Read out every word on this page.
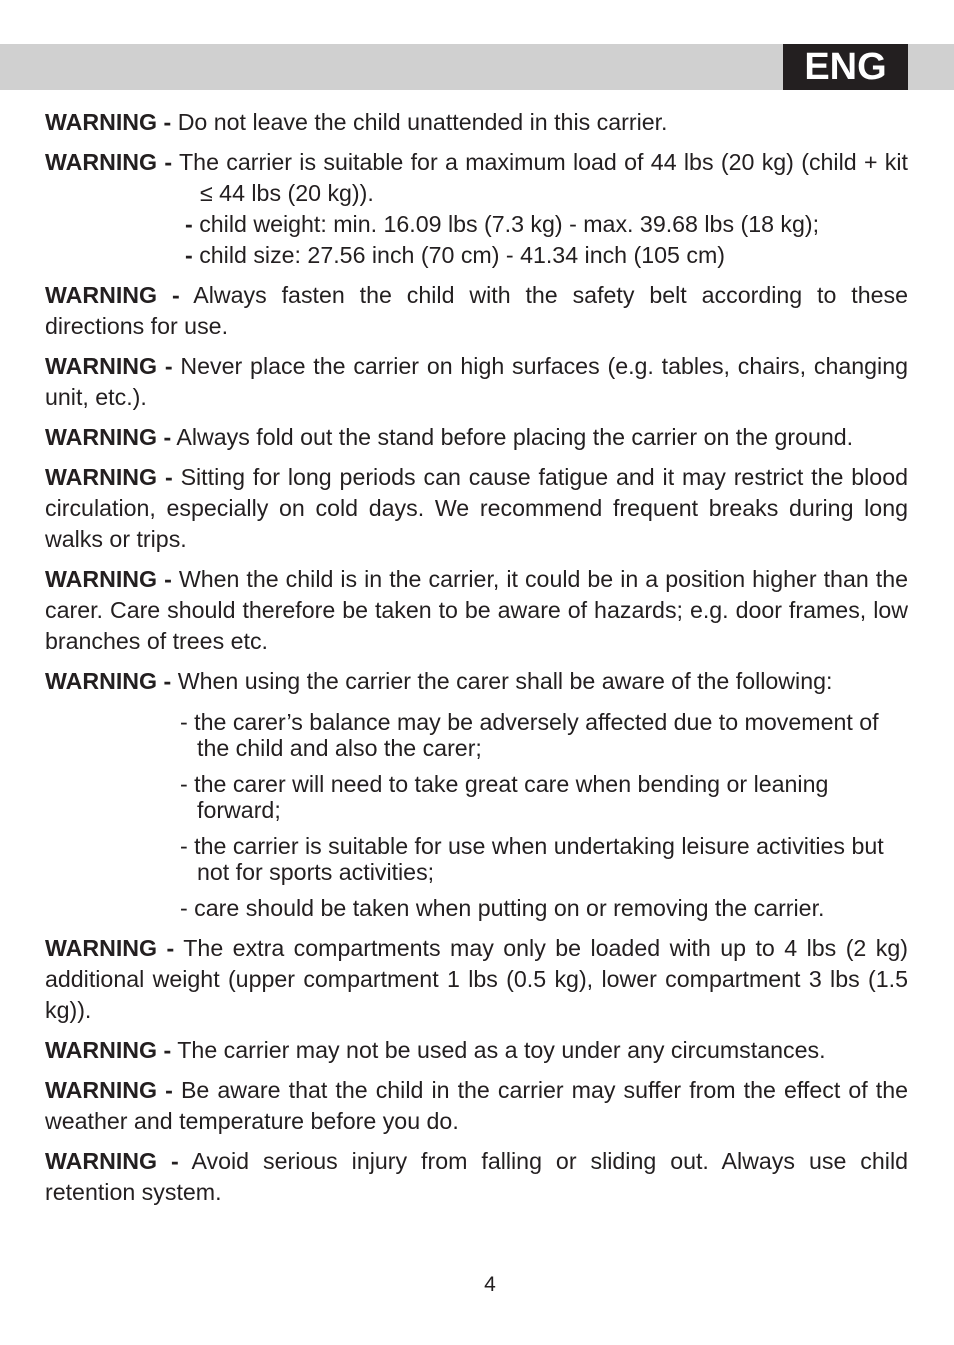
ENG

WARNING - Do not leave the child unattended in this carrier.

WARNING - The carrier is suitable for a maximum load of 44 lbs (20 kg) (child + kit ≤ 44 lbs (20 kg)).

- child weight: min. 16.09 lbs (7.3 kg) - max. 39.68 lbs (18 kg);

- child size: 27.56 inch (70 cm) - 41.34 inch (105 cm)

WARNING - Always fasten the child with the safety belt according to these directions for use.

WARNING - Never place the carrier on high surfaces (e.g. tables, chairs, changing unit, etc.).

WARNING - Always fold out the stand before placing the carrier on the ground.

WARNING - Sitting for long periods can cause fatigue and it may restrict the blood circulation, especially on cold days. We recommend frequent breaks during long walks or trips.

WARNING - When the child is in the carrier, it could be in a position higher than the carer. Care should therefore be taken to be aware of hazards; e.g. door frames, low branches of trees etc.

WARNING - When using the carrier the carer shall be aware of the following:

- the carer’s balance may be adversely affected due to movement of the child and also the carer;

- the carer will need to take great care when bending or leaning forward;

- the carrier is suitable for use when undertaking leisure activities but not for sports activities;

- care should be taken when putting on or removing the carrier.

WARNING - The extra compartments may only be loaded with up to 4 lbs (2 kg) additional weight (upper compartment 1 lbs (0.5 kg), lower compartment 3 lbs (1.5 kg)).

WARNING - The carrier may not be used as a toy under any circumstances.

WARNING - Be aware that the child in the carrier may suffer from the effect of the weather and temperature before you do.

WARNING - Avoid serious injury from falling or sliding out. Always use child retention system.

4
